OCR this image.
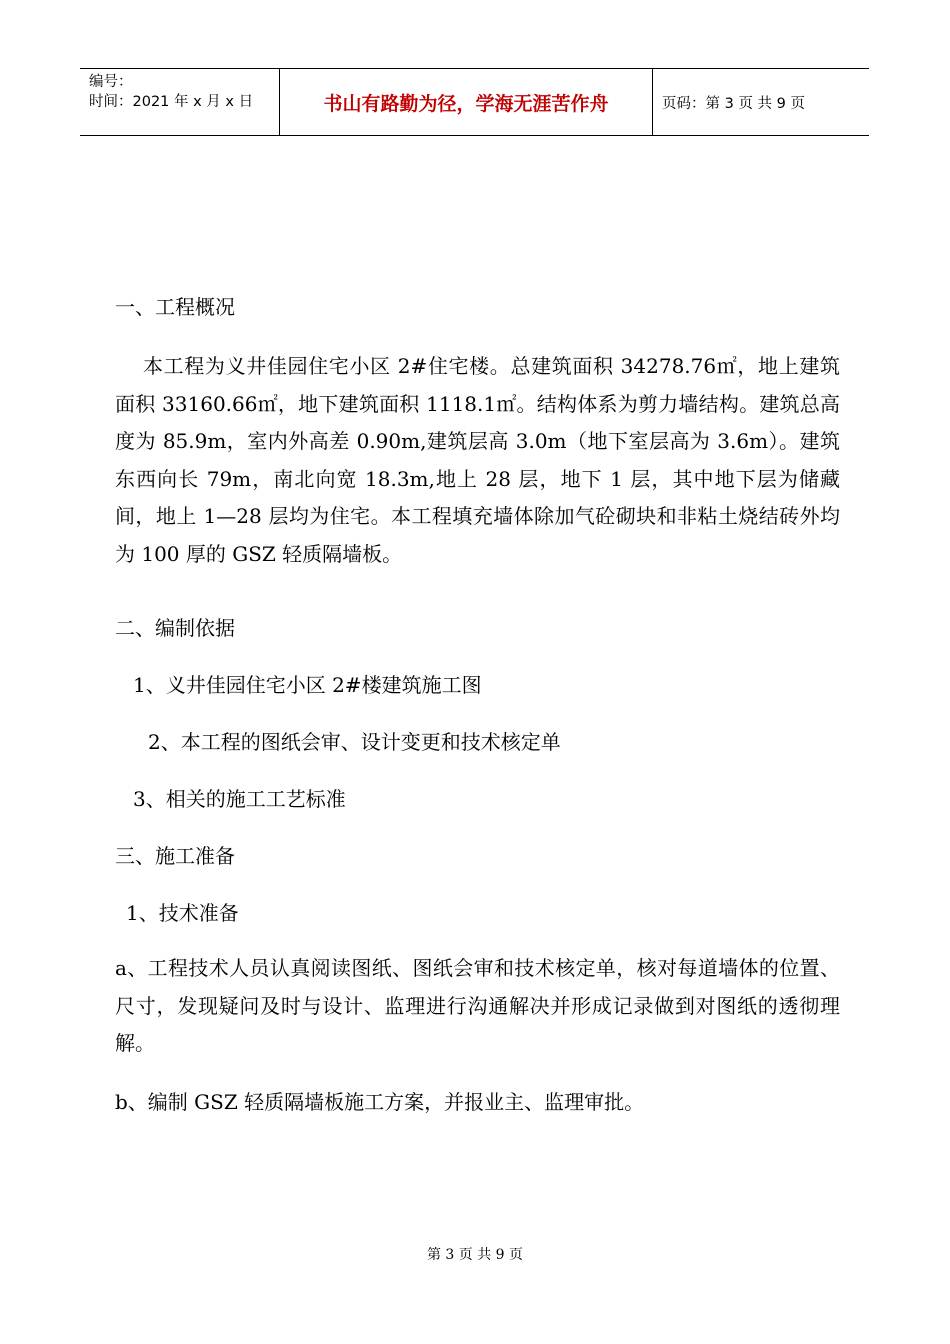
编号：
时间：2021 年 x 月 x 日	书山有路勤为径，学海无涯苦作舟	页码：第 3 页 共 9 页

一、工程概况

本工程为义井佳园住宅小区 2#住宅楼。总建筑面积 34278.76㎡，地上建筑面积 33160.66㎡，地下建筑面积 1118.1㎡。结构体系为剪力墙结构。建筑总高度为 85.9m，室内外高差 0.90m,建筑层高 3.0m（地下室层高为 3.6m）。建筑东西向长 79m，南北向宽 18.3m,地上 28 层，地下 1 层，其中地下层为储藏间，地上 1—28 层均为住宅。本工程填充墙体除加气砼砌块和非粘土烧结砖外均为 100 厚的 GSZ 轻质隔墙板。

二、编制依据

1、义井佳园住宅小区 2#楼建筑施工图

2、本工程的图纸会审、设计变更和技术核定单

3、相关的施工工艺标准

三、施工准备

1、技术准备

a、工程技术人员认真阅读图纸、图纸会审和技术核定单，核对每道墙体的位置、尺寸，发现疑问及时与设计、监理进行沟通解决并形成记录做到对图纸的透彻理解。

b、编制 GSZ 轻质隔墙板施工方案，并报业主、监理审批。

第 3 页 共 9 页
